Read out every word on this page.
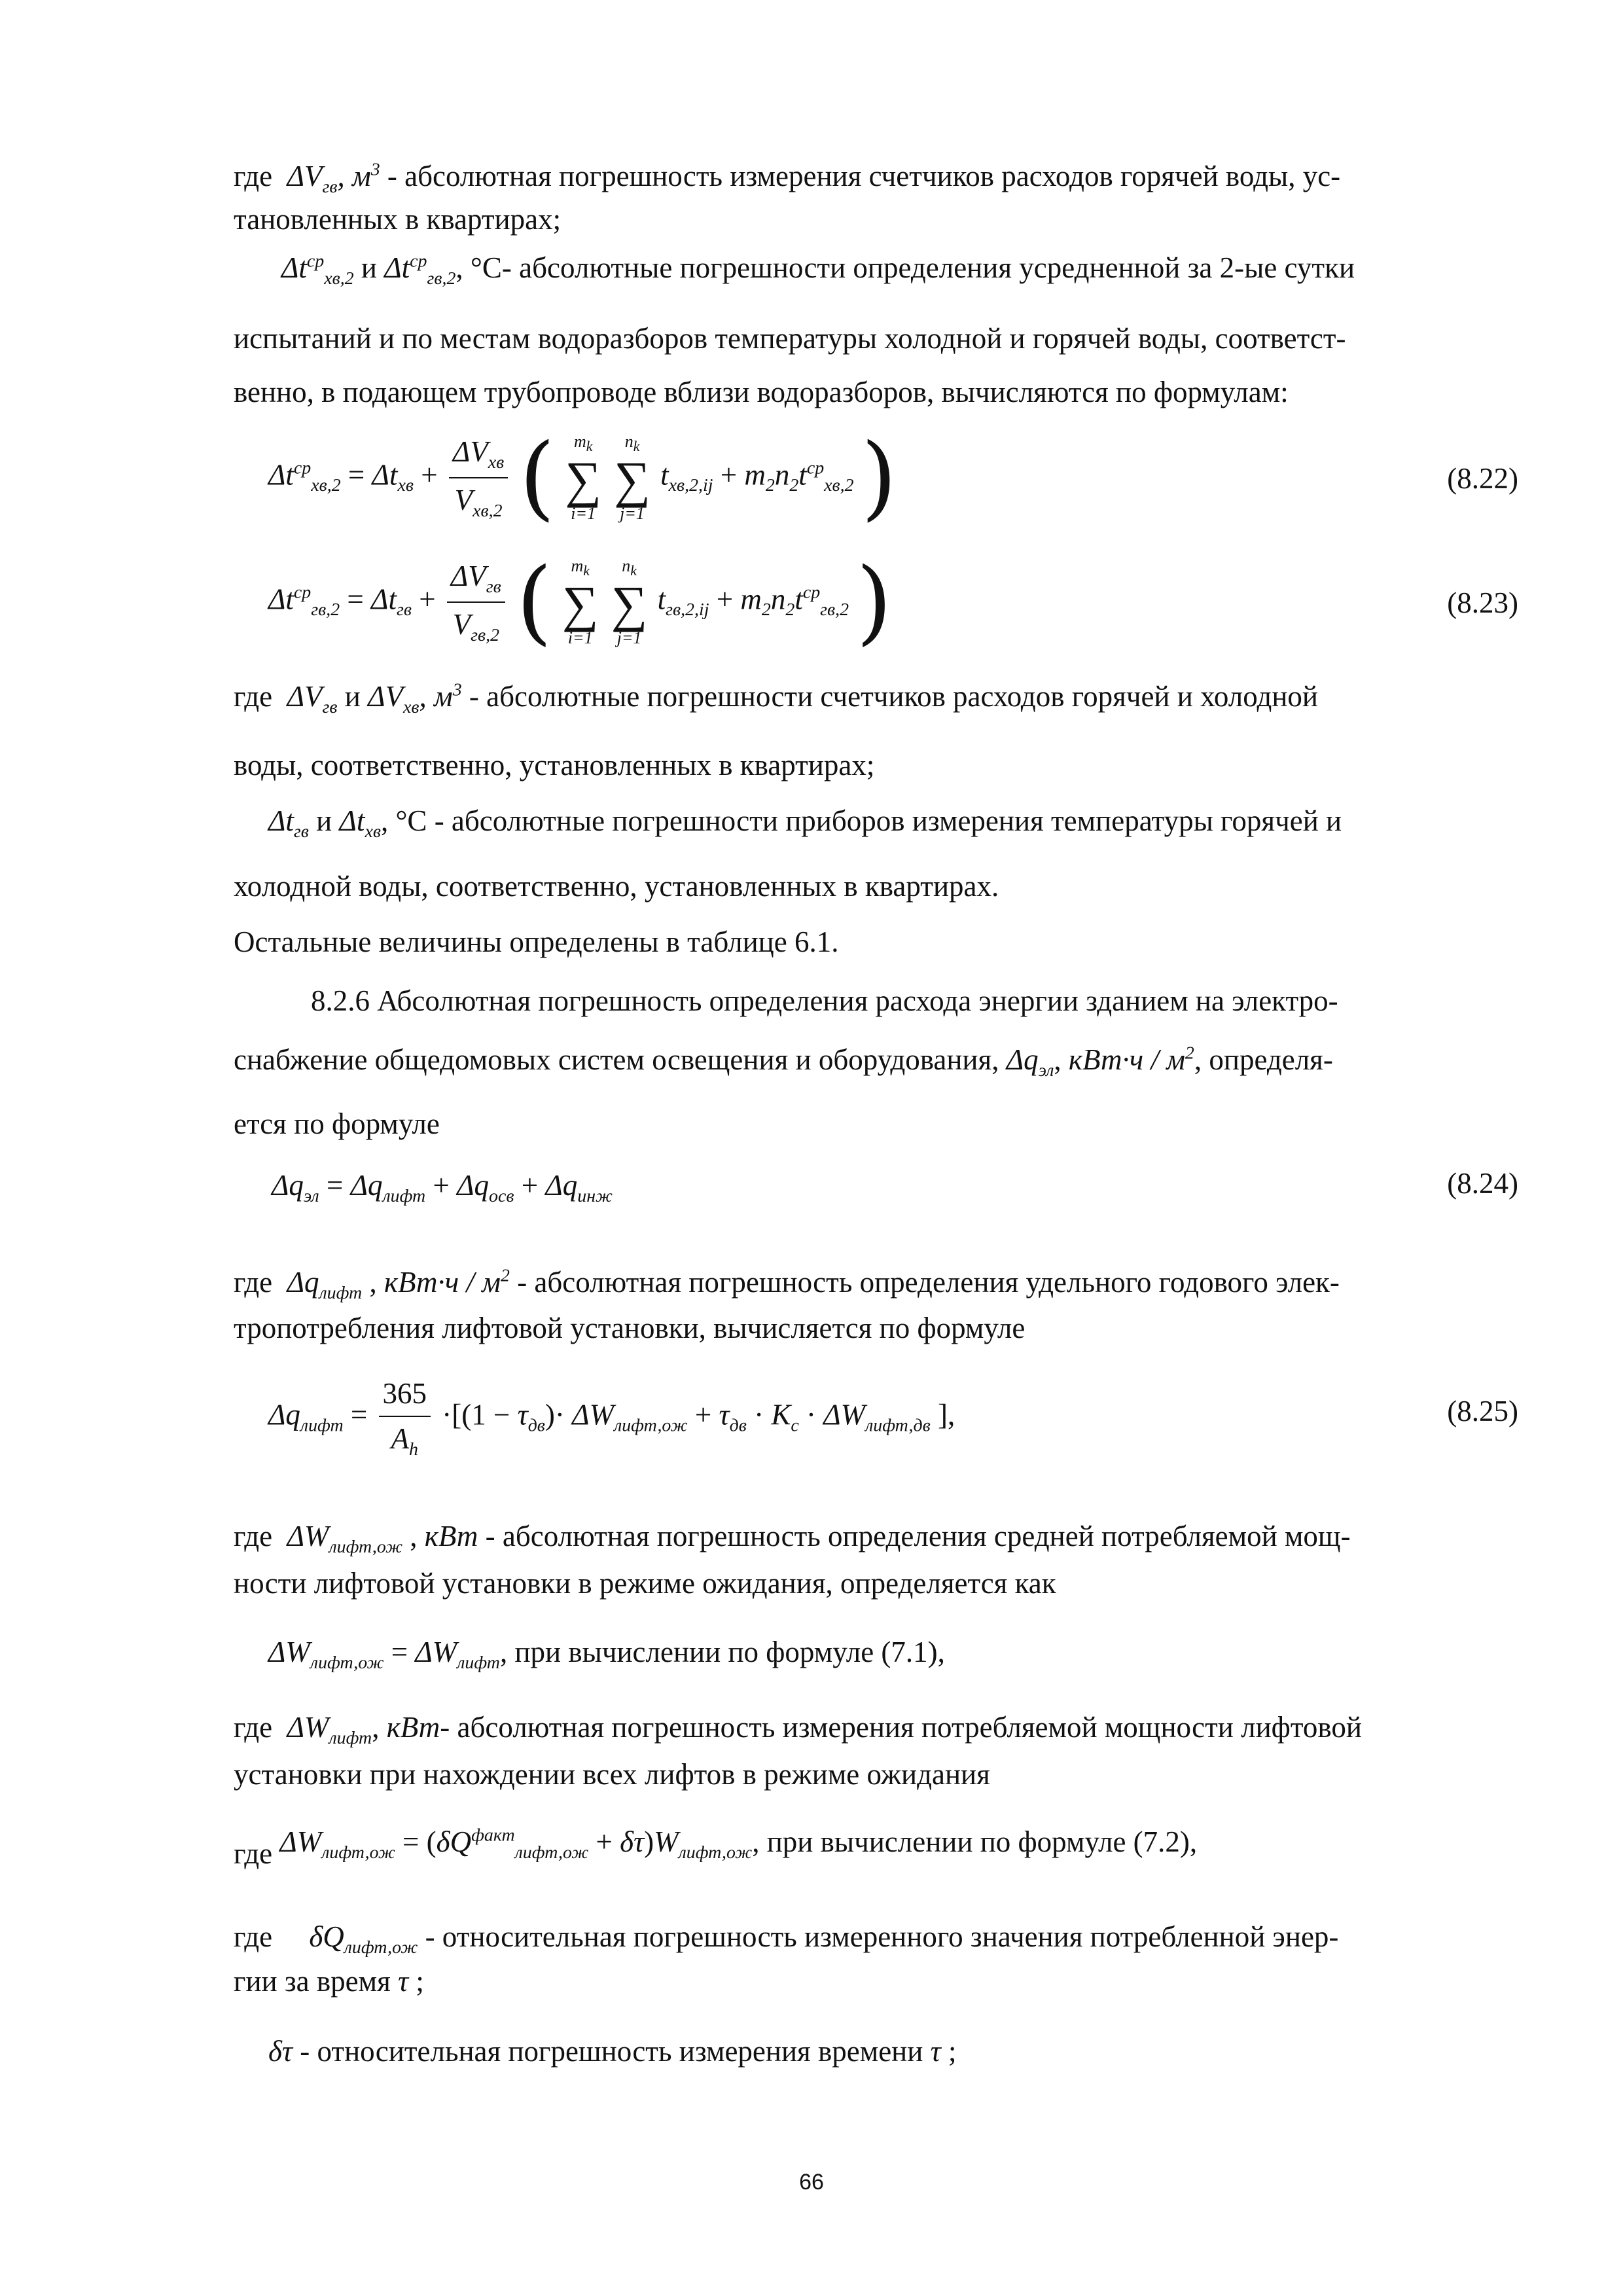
где  $\Delta V_{гв}$, $м^3$ - абсолютная погрешность измерения счетчиков расходов горячей воды, ус-
тановленных в квартирах;
$\Delta t^{ср}_{хв,2}$ и $\Delta t^{ср}_{гв,2}$, °С- абсолютные погрешности определения усредненной за 2-ые сутки
испытаний и по местам водоразборов температуры холодной и горячей воды, соответст-
венно, в подающем трубопроводе вблизи водоразборов, вычисляются по формулам:
$\Delta t^{ср}_{хв,2} = \Delta t_{хв} + \frac{\Delta V_{хв}}{V_{хв,2}}$ (	$m_k$
∑
i=1

$n_k$
∑
j=1
$t_{хв,2,ij} + m_2n_2t^{ср}_{хв,2}$ )	(8.22)
$\Delta t^{ср}_{гв,2} = \Delta t_{гв} + \frac{\Delta V_{гв}}{V_{гв,2}}$ (	$m_k$
∑
i=1

$n_k$
∑
j=1
$t_{гв,2,ij} + m_2n_2t^{ср}_{гв,2}$ )	(8.23)
где  $\Delta V_{гв}$ и $\Delta V_{хв}$, $м^3$ - абсолютные погрешности счетчиков расходов горячей и холодной
воды, соответственно, установленных в квартирах;
$\Delta t_{гв}$ и $\Delta t_{хв}$, °С - абсолютные погрешности приборов измерения температуры горячей и
холодной воды, соответственно, установленных в квартирах.
Остальные величины определены в таблице 6.1.
8.2.6 Абсолютная погрешность определения расхода энергии зданием на электро-
снабжение общедомовых систем освещения и оборудования, $\Delta q_{эл}$, $кВт\cdot ч / м^2$, определя-
ется по формуле
$\Delta q_{эл} = \Delta q_{лифт} + \Delta q_{осв} + \Delta q_{инж}$	(8.24)
где  $\Delta q_{лифт}$ , $кВт\cdot ч / м^2$ - абсолютная погрешность определения удельного годового элек-
тропотребления лифтовой установки, вычисляется по формуле
$\Delta q_{лифт} = \frac{365}{A_h} \cdot[(1 - \tau_{дв})\cdot \Delta W_{лифт,ож} + \tau_{дв} \cdot K_c \cdot \Delta W_{лифт,дв}$ ],	(8.25)
где  $\Delta W_{лифт,ож}$ , кВт - абсолютная погрешность определения средней потребляемой мощ-
ности лифтовой установки в режиме ожидания, определяется как
$\Delta W_{лифт,ож} = \Delta W_{лифт}$, при вычислении по формуле (7.1),
где  $\Delta W_{лифт}$, кВт- абсолютная погрешность измерения потребляемой мощности лифтовой
установки при нахождении всех лифтов в режиме ожидания
где $\Delta W_{лифт,ож} = (\delta Q^{факт}_{лифт,ож} + \delta\tau)W_{лифт,ож}$, при вычислении по формуле (7.2),
где     $\delta Q_{лифт,ож}$ - относительная погрешность измеренного значения потребленной энер-
гии за время τ ;
δτ - относительная погрешность измерения времени τ ;
66
